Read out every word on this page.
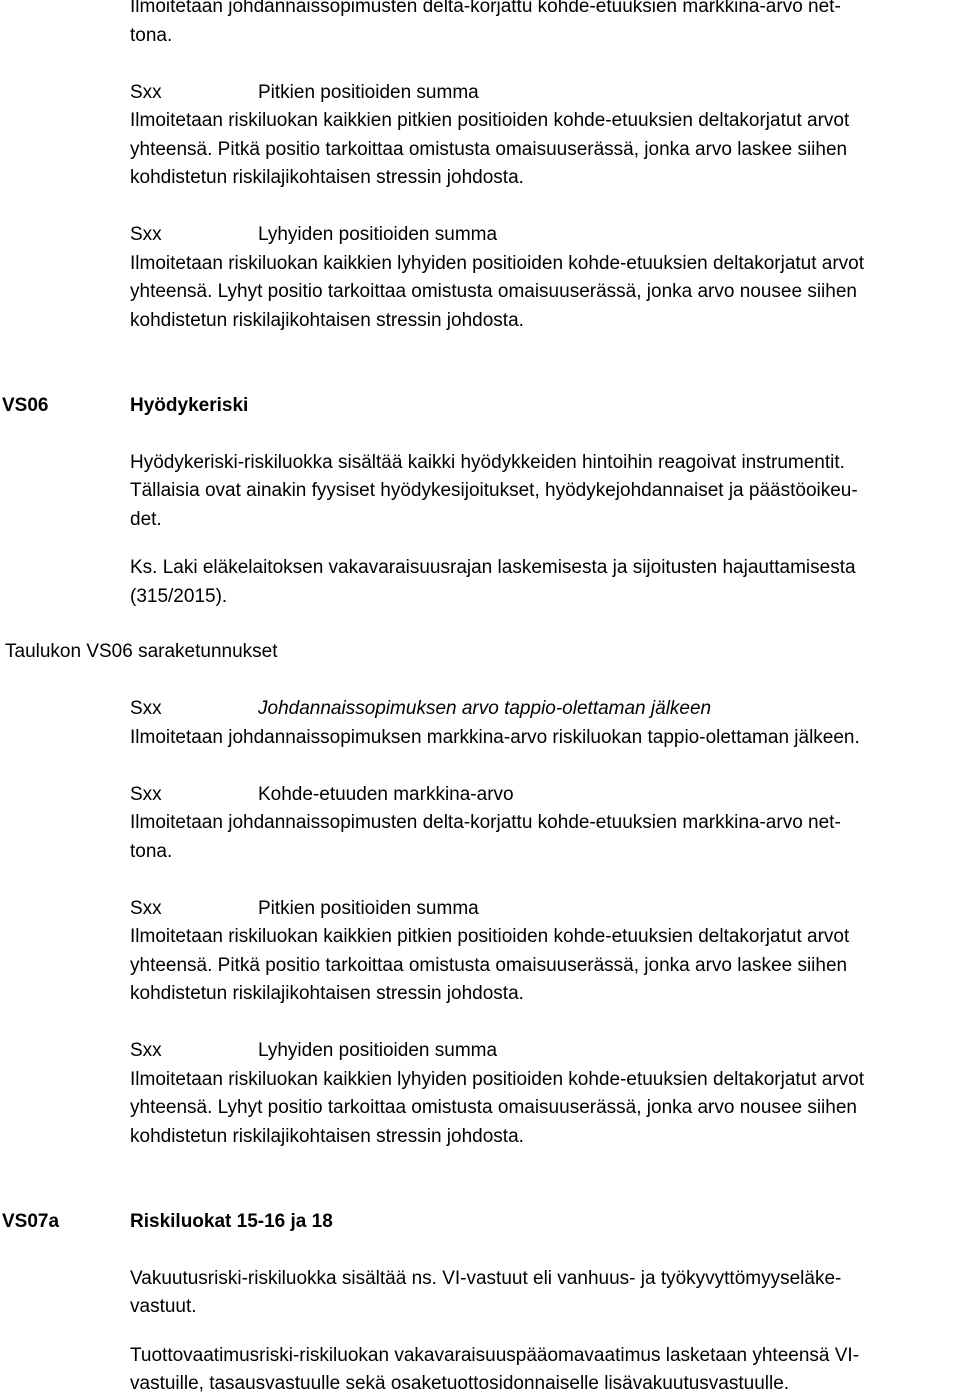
Ilmoitetaan johdannaissopimusten delta-korjattu kohde-etuuksien markkina-arvo net-
tona.
Sxx	Pitkien positioiden summa
Ilmoitetaan riskiluokan kaikkien pitkien positioiden kohde-etuuksien deltakorjatut arvot
yhteensä. Pitkä positio tarkoittaa omistusta omaisuuserässä, jonka arvo laskee siihen
kohdistetun riskilajikohtaisen stressin johdosta.
Sxx	Lyhyiden positioiden summa
Ilmoitetaan riskiluokan kaikkien lyhyiden positioiden kohde-etuuksien deltakorjatut arvot
yhteensä. Lyhyt positio tarkoittaa omistusta omaisuuserässä, jonka arvo nousee siihen
kohdistetun riskilajikohtaisen stressin johdosta.
VS06	Hyödykeriski
Hyödykeriski-riskiluokka sisältää kaikki hyödykkeiden hintoihin reagoivat instrumentit.
Tällaisia ovat ainakin fyysiset hyödykesijoitukset, hyödykejohdannaiset ja päästöoikeu-
det.
Ks. Laki eläkelaitoksen vakavaraisuusrajan laskemisesta ja sijoitusten hajauttamisesta
(315/2015).
Taulukon VS06 saraketunnukset
Sxx	Johdannaissopimuksen arvo tappio-olettaman jälkeen
Ilmoitetaan johdannaissopimuksen markkina-arvo riskiluokan tappio-olettaman jälkeen.
Sxx	Kohde-etuuden markkina-arvo
Ilmoitetaan johdannaissopimusten delta-korjattu kohde-etuuksien markkina-arvo net-
tona.
Sxx	Pitkien positioiden summa
Ilmoitetaan riskiluokan kaikkien pitkien positioiden kohde-etuuksien deltakorjatut arvot
yhteensä. Pitkä positio tarkoittaa omistusta omaisuuserässä, jonka arvo laskee siihen
kohdistetun riskilajikohtaisen stressin johdosta.
Sxx	Lyhyiden positioiden summa
Ilmoitetaan riskiluokan kaikkien lyhyiden positioiden kohde-etuuksien deltakorjatut arvot
yhteensä. Lyhyt positio tarkoittaa omistusta omaisuuserässä, jonka arvo nousee siihen
kohdistetun riskilajikohtaisen stressin johdosta.
VS07a	Riskiluokat 15-16 ja 18
Vakuutusriski-riskiluokka sisältää ns. VI-vastuut eli vanhuus- ja työkyvyttömyyseläke-
vastuut.
Tuottovaatimusriski-riskiluokan vakavaraisuuspääomavaatimus lasketaan yhteensä VI-
vastuille, tasausvastuulle sekä osaketuottosidonnaiselle lisävakuutusvastuulle.
